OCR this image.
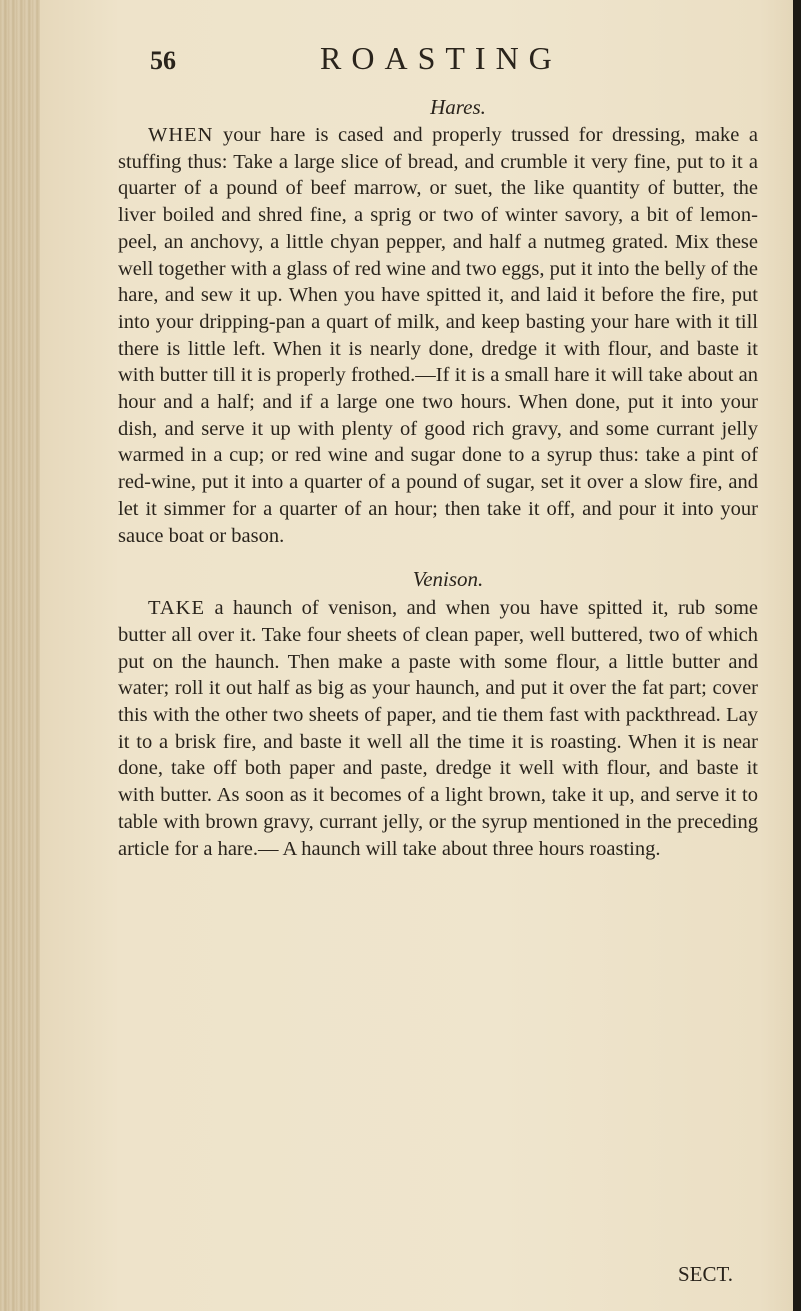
56	ROASTING
Hares.

WHEN your hare is cased and properly trussed for dressing, make a stuffing thus: Take a large slice of bread, and crumble it very fine, put to it a quarter of a pound of beef marrow, or suet, the like quantity of butter, the liver boiled and shred fine, a sprig or two of winter savory, a bit of lemon-peel, an anchovy, a little chyan pepper, and half a nutmeg grated. Mix these well together with a glass of red wine and two eggs, put it into the belly of the hare, and sew it up. When you have spitted it, and laid it before the fire, put into your dripping-pan a quart of milk, and keep basting your hare with it till there is little left. When it is nearly done, dredge it with flour, and baste it with butter till it is properly frothed.—If it is a small hare it will take about an hour and a half; and if a large one two hours. When done, put it into your dish, and serve it up with plenty of good rich gravy, and some currant jelly warmed in a cup; or red wine and sugar done to a syrup thus: take a pint of red-wine, put it into a quarter of a pound of sugar, set it over a slow fire, and let it simmer for a quarter of an hour; then take it off, and pour it into your sauce boat or bason.

Venison.

TAKE a haunch of venison, and when you have spitted it, rub some butter all over it. Take four sheets of clean paper, well buttered, two of which put on the haunch. Then make a paste with some flour, a little butter and water; roll it out half as big as your haunch, and put it over the fat part; cover this with the other two sheets of paper, and tie them fast with packthread. Lay it to a brisk fire, and baste it well all the time it is roasting. When it is near done, take off both paper and paste, dredge it well with flour, and baste it with butter. As soon as it becomes of a light brown, take it up, and serve it to table with brown gravy, currant jelly, or the syrup mentioned in the preceding article for a hare.— A haunch will take about three hours roasting.

SECT.
